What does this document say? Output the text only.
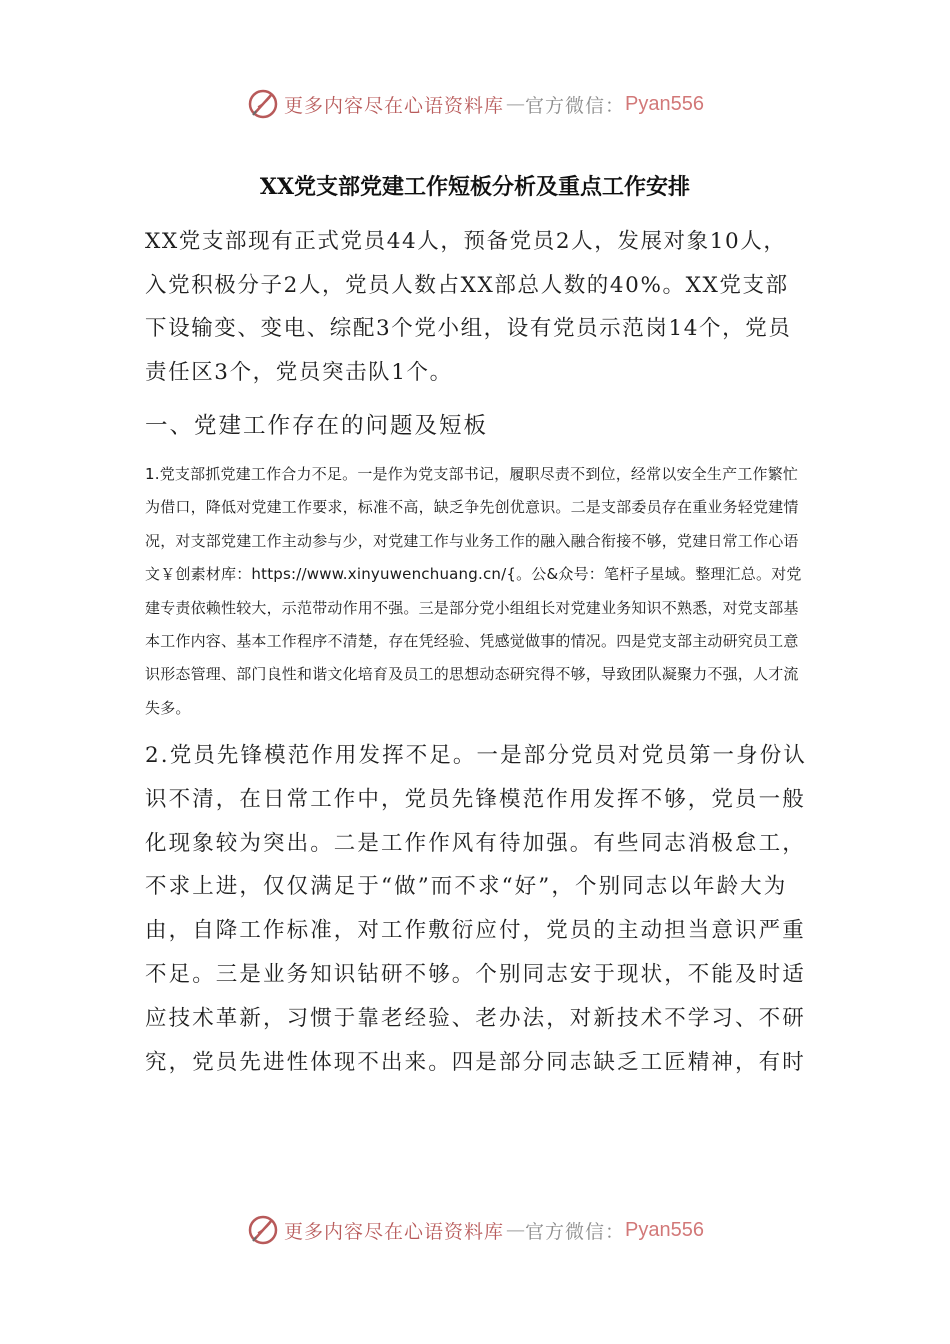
更多内容尽在心语资料库 — 官方微信： Pyan556
XX党支部党建工作短板分析及重点工作安排

XX党支部现有正式党员44人，预备党员2人，发展对象10人，入党积极分子2人，党员人数占XX部总人数的40%。XX党支部下设输变、变电、综配3个党小组，设有党员示范岗14个，党员责任区3个，党员突击队1个。

一、党建工作存在的问题及短板

1.党支部抓党建工作合力不足。一是作为党支部书记，履职尽责不到位，经常以安全生产工作繁忙为借口，降低对党建工作要求，标准不高，缺乏争先创优意识。二是支部委员存在重业务轻党建情况，对支部党建工作主动参与少，对党建工作与业务工作的融入融合衔接不够，党建日常工作心语文￥创素材库：https://www.xinyuwenchuang.cn/{。公&众号：笔杆子星域。整理汇总。对党建专责依赖性较大，示范带动作用不强。三是部分党小组组长对党建业务知识不熟悉，对党支部基本工作内容、基本工作程序不清楚，存在凭经验、凭感觉做事的情况。四是党支部主动研究员工意识形态管理、部门良性和谐文化培育及员工的思想动态研究得不够，导致团队凝聚力不强，人才流失多。

2.党员先锋模范作用发挥不足。一是部分党员对党员第一身份认识不清，在日常工作中，党员先锋模范作用发挥不够，党员一般化现象较为突出。二是工作作风有待加强。有些同志消极怠工，不求上进，仅仅满足于“做”而不求“好”，个别同志以年龄大为由，自降工作标准，对工作敷衍应付，党员的主动担当意识严重不足。三是业务知识钻研不够。个别同志安于现状，不能及时适应技术革新，习惯于靠老经验、老办法，对新技术不学习、不研究，党员先进性体现不出来。四是部分同志缺乏工匠精神，有时

更多内容尽在心语资料库 — 官方微信： Pyan556
